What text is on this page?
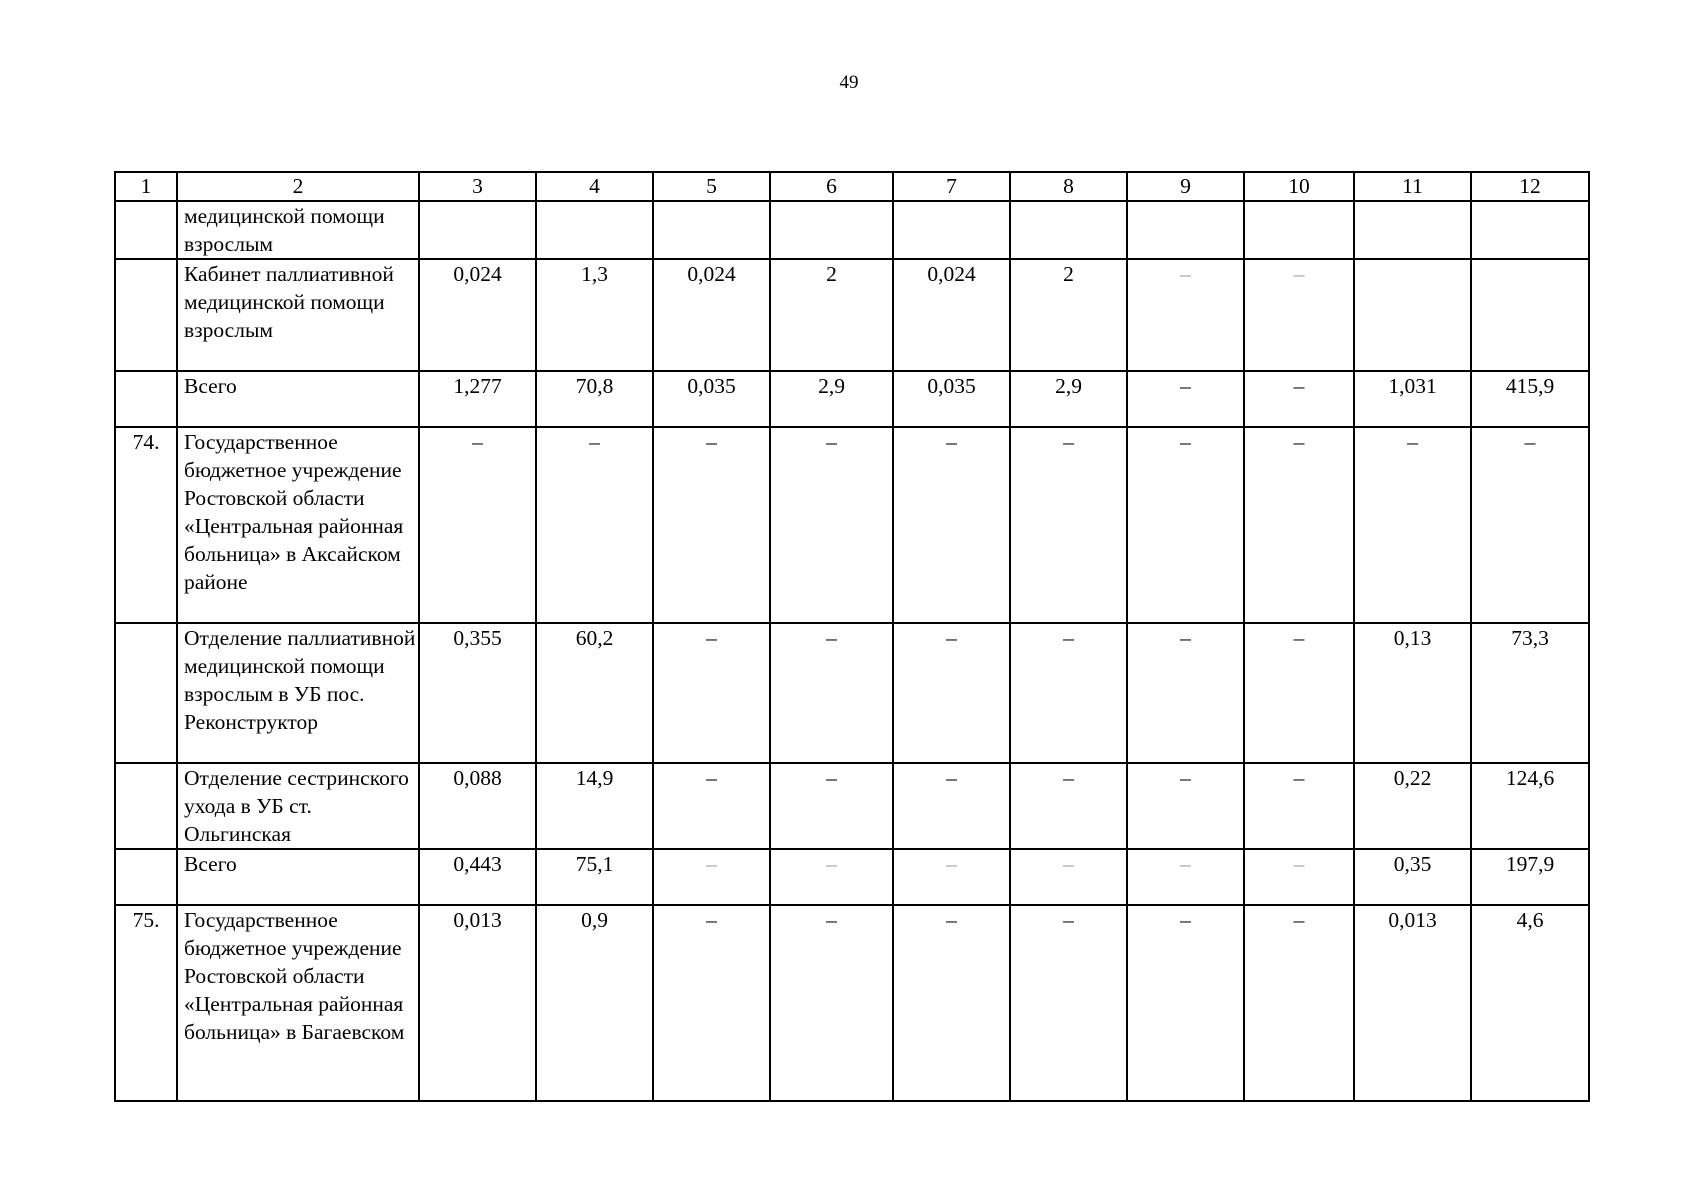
49
1	2	3	4	5	6	7	8	9	10	11	12
	медицинской помощи взрослым										
	Кабинет паллиативной медицинской помощи взрослым	0,024	1,3	0,024	2	0,024	2	–	–		
	Всего	1,277	70,8	0,035	2,9	0,035	2,9	–	–	1,031	415,9
74.	Государственное бюджетное учреждение Ростовской области «Центральная районная больница» в Аксайском районе	–	–	–	–	–	–	–	–	–	–
	Отделение паллиативной медицинской помощи взрослым в УБ пос. Реконструктор	0,355	60,2	–	–	–	–	–	–	0,13	73,3
	Отделение сестринского ухода в УБ ст. Ольгинская	0,088	14,9	–	–	–	–	–	–	0,22	124,6
	Всего	0,443	75,1	–	–	–	–	–	–	0,35	197,9
75.	Государственное бюджетное учреждение Ростовской области «Центральная районная больница» в Багаевском	0,013	0,9	–	–	–	–	–	–	0,013	4,6
